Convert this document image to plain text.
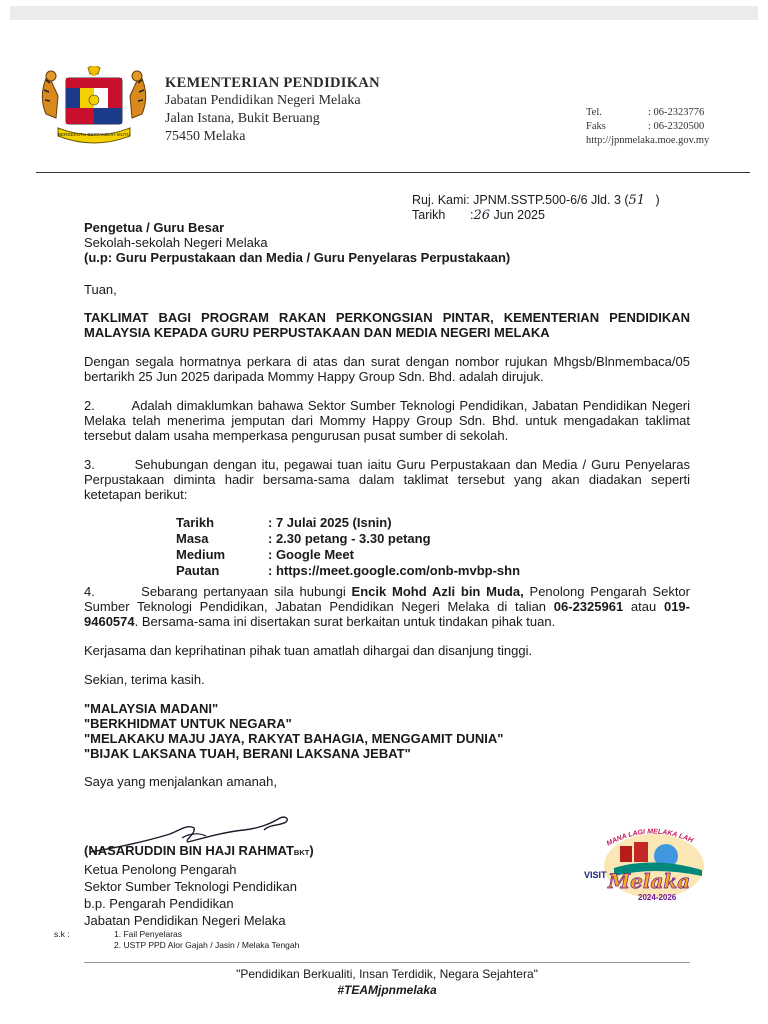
BERSEKUTU BERTAMBAH MUTU
KEMENTERIAN PENDIDIKAN
Jabatan Pendidikan Negeri Melaka
Jalan Istana, Bukit Beruang
75450 Melaka
Tel.	: 06-2323776
Faks	: 06-2320500
http://jpnmelaka.moe.gov.my
Ruj. Kami: JPNM.SSTP.500-6/6 Jld. 3 (51 )
Tarikh :26 Jun 2025
Pengetua / Guru Besar
Sekolah-sekolah Negeri Melaka
(u.p: Guru Perpustakaan dan Media / Guru Penyelaras Perpustakaan)
Tuan,
TAKLIMAT BAGI PROGRAM RAKAN PERKONGSIAN PINTAR, KEMENTERIAN PENDIDIKAN MALAYSIA KEPADA GURU PERPUSTAKAAN DAN MEDIA NEGERI MELAKA

Dengan segala hormatnya perkara di atas dan surat dengan nombor rujukan Mhgsb/Blnmembaca/05 bertarikh 25 Jun 2025 daripada Mommy Happy Group Sdn. Bhd. adalah dirujuk.

2.	Adalah dimaklumkan bahawa Sektor Sumber Teknologi Pendidikan, Jabatan Pendidikan Negeri Melaka telah menerima jemputan dari Mommy Happy Group Sdn. Bhd. untuk mengadakan taklimat tersebut dalam usaha memperkasa pengurusan pusat sumber di sekolah.

3.	Sehubungan dengan itu, pegawai tuan iaitu Guru Perpustakaan dan Media / Guru Penyelaras Perpustakaan diminta hadir bersama-sama dalam taklimat tersebut yang akan diadakan seperti ketetapan berikut:

Tarikh	: 7 Julai 2025 (Isnin)
Masa	: 2.30 petang - 3.30 petang
Medium	: Google Meet
Pautan	: https://meet.google.com/onb-mvbp-shn

4.	Sebarang pertanyaan sila hubungi Encik Mohd Azli bin Muda, Penolong Pengarah Sektor Sumber Teknologi Pendidikan, Jabatan Pendidikan Negeri Melaka di talian 06-2325961 atau 019-9460574. Bersama-sama ini disertakan surat berkaitan untuk tindakan pihak tuan.

Kerjasama dan keprihatinan pihak tuan amatlah dihargai dan disanjung tinggi.
Sekian, terima kasih.
"MALAYSIA MADANI"
"BERKHIDMAT UNTUK NEGARA"
"MELAKAKU MAJU JAYA, RAKYAT BAHAGIA, MENGGAMIT DUNIA"
"BIJAK LAKSANA TUAH, BERANI LAKSANA JEBAT"
Saya yang menjalankan amanah,
(NASARUDDIN BIN HAJI RAHMATBKT)
Ketua Penolong Pengarah
Sektor Sumber Teknologi Pendidikan
b.p. Pengarah Pendidikan
Jabatan Pendidikan Negeri Melaka
MANA LAGI MELAKA LAH
VISIT Melaka
2024-2026
s.k :	1. Fail Penyelaras
2. USTP PPD Alor Gajah / Jasin / Melaka Tengah
"Pendidikan Berkualiti, Insan Terdidik, Negara Sejahtera"
#TEAMjpnmelaka
